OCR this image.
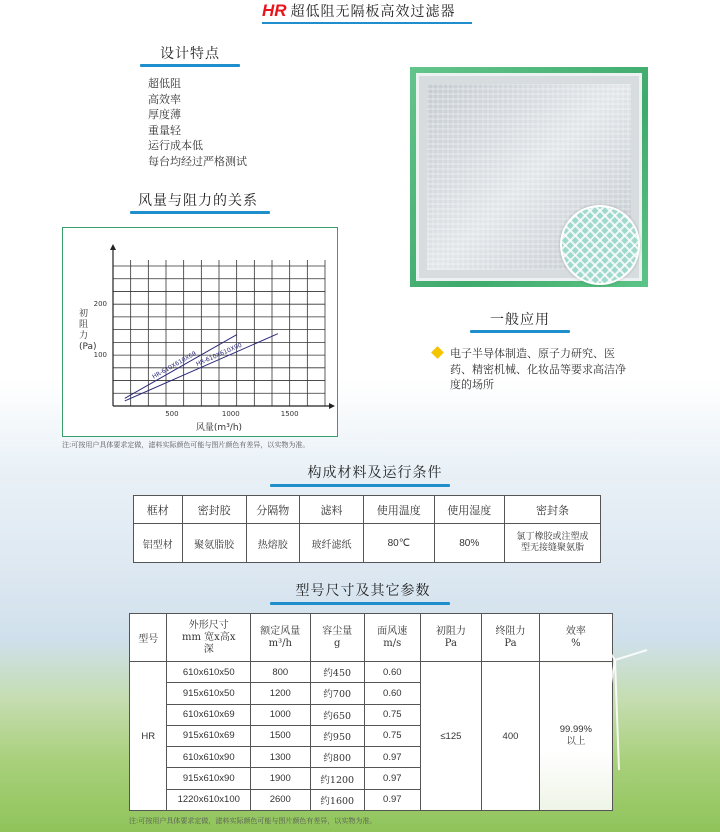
HR 超低阻无隔板高效过滤器
设计特点
超低阻
高效率
厚度薄
重量轻
运行成本低
每台均经过严格测试
风量与阻力的关系
500	1000	1500
100
200
HR-610X610X69
HR-610X610X90
初
阻
力
(Pa)
风量(m³/h)
注:可按用户具体要求定做，滤料实际颜色可能与图片颜色有差异，以实物为准。
一般应用
电子半导体制造、原子力研究、医药、精密机械、化妆品等要求高洁净度的场所
构成材料及运行条件
框材	密封胶	分隔物	滤料	使用温度	使用湿度	密封条
铝型材	聚氨脂胶	热熔胶	玻纤滤纸	80℃	80%	氯丁橡胶或注塑成型无接缝聚氨脂
型号尺寸及其它参数
型号	外形尺寸 mm 宽x高x深	额定风量 m³/h	容尘量 g	面风速 m/s	初阻力 Pa	终阻力 Pa	效率 %
HR	610x610x50	800	约450	0.60	≤125	400	99.99% 以上
	915x610x50	1200	约700	0.60			
	610x610x69	1000	约650	0.75			
	915x610x69	1500	约950	0.75			
	610x610x90	1300	约800	0.97			
	915x610x90	1900	约1200	0.97			
	1220x610x100	2600	约1600	0.97			
注:可按用户具体要求定做，滤料实际颜色可能与图片颜色有差异，以实物为准。
